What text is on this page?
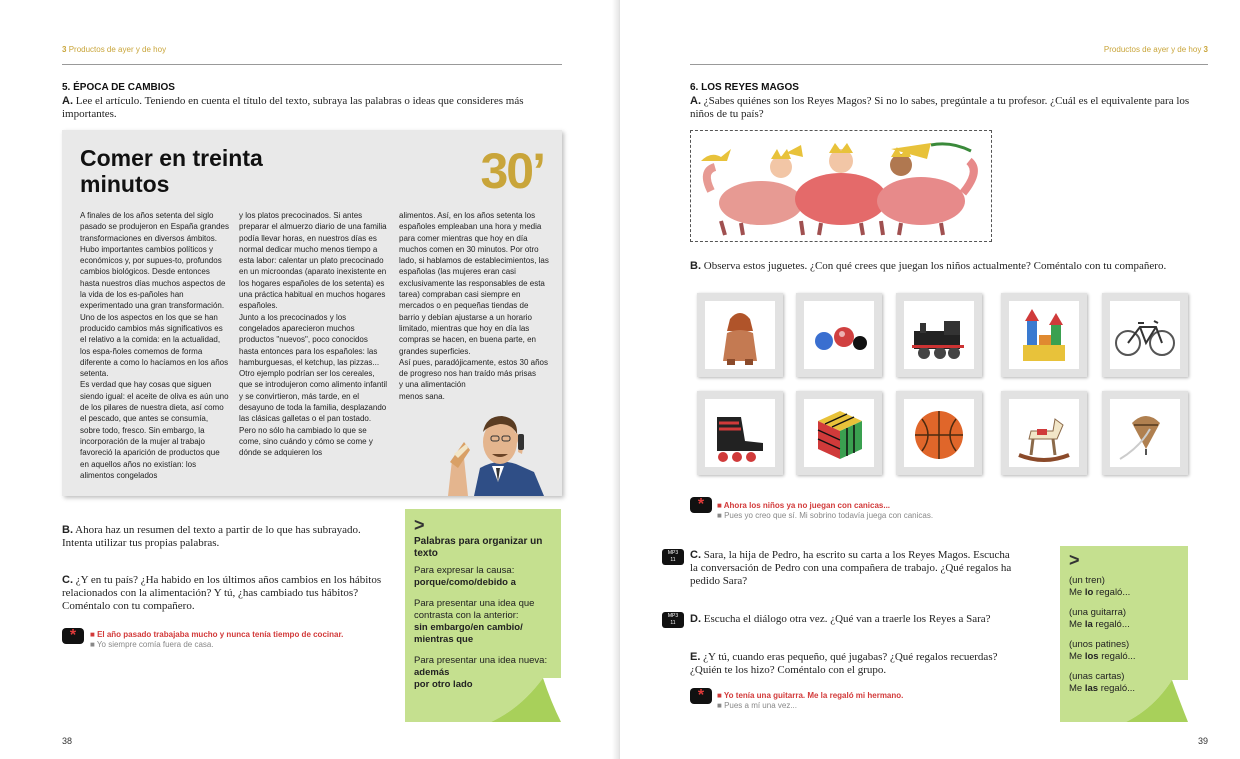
3 Productos de ayer y de hoy
5. ÉPOCA DE CAMBIOS
A. Lee el artículo. Teniendo en cuenta el título del texto, subraya las palabras o ideas que consideres más importantes.
Comer en treinta minutos	30’
A finales de los años setenta del siglo pasado se produjeron en España grandes transformaciones en diversos ámbitos. Hubo importantes cambios políticos y económicos y, por supues-to, profundos cambios biológicos. Desde entonces hasta nuestros días muchos aspectos de la vida de los es-pañoles han experimentado una gran transformación. Uno de los aspectos en los que se han producido cambios más significativos es el relativo a la comida: en la actualidad, los espa-ñoles comemos de forma diferente a como lo hacíamos en los años setenta.
Es verdad que hay cosas que siguen siendo igual: el aceite de oliva es aún uno de los pilares de nuestra dieta, así como el pescado, que antes se consumía, sobre todo, fresco. Sin embargo, la incorporación de la mujer al trabajo favoreció la aparición de productos que en aquellos años no existían: los alimentos congelados
y los platos precocinados. Si antes preparar el almuerzo diario de una familia podía llevar horas, en nuestros días es normal dedicar mucho menos tiempo a esta labor: calentar un plato precocinado en un microondas (aparato inexistente en los hogares españoles de los setenta) es una práctica habitual en muchos hogares españoles.
Junto a los precocinados y los congelados aparecieron muchos productos "nuevos", poco conocidos hasta entonces para los españoles: las hamburguesas, el ketchup, las pizzas... Otro ejemplo podrían ser los cereales, que se introdujeron como alimento infantil y se convirtieron, más tarde, en el desayuno de toda la familia, desplazando las clásicas galletas o el pan tostado.
Pero no sólo ha cambiado lo que se come, sino cuándo y cómo se come y dónde se adquieren los
alimentos. Así, en los años setenta los españoles empleaban una hora y media para comer mientras que hoy en día muchos comen en 30 minutos. Por otro lado, si hablamos de establecimientos, las españolas (las mujeres eran casi exclusivamente las responsables de esta tarea) compraban casi siempre en mercados o en pequeñas tiendas de barrio y debían ajustarse a un horario limitado, mientras que hoy en día las compras se hacen, en buena parte, en grandes superficies.
Así pues, paradójicamente, estos 30 años de progreso nos han traído más prisas
y una alimentación
menos sana.
B. Ahora haz un resumen del texto a partir de lo que has subrayado. Intenta utilizar tus propias palabras.
C. ¿Y en tu país? ¿Ha habido en los últimos años cambios en los hábitos relacionados con la alimentación? Y tú, ¿has cambiado tus hábitos? Coméntalo con tu compañero.
*	■ El año pasado trabajaba mucho y nunca tenía tiempo de cocinar.
■ Yo siempre comía fuera de casa.
>
Palabras para organizar un texto
Para expresar la causa:
porque/como/debido a
Para presentar una idea que contrasta con la anterior:
sin embargo/en cambio/ mientras que
Para presentar una idea nueva:
además
por otro lado
38
Productos de ayer y de hoy 3
6. LOS REYES MAGOS
A. ¿Sabes quiénes son los Reyes Magos? Si no lo sabes, pregúntale a tu profesor. ¿Cuál es el equivalente para los niños de tu país?
B. Observa estos juguetes. ¿Con qué crees que juegan los niños actualmente? Coméntalo con tu compañero.
*	■ Ahora los niños ya no juegan con canicas...
■ Pues yo creo que sí. Mi sobrino todavía juega con canicas.
MP3
11	C. Sara, la hija de Pedro, ha escrito su carta a los Reyes Magos. Escucha la conversación de Pedro con una compañera de trabajo. ¿Qué regalos ha pedido Sara?
MP3
11	D. Escucha el diálogo otra vez. ¿Qué van a traerle los Reyes a Sara?
E. ¿Y tú, cuando eras pequeño, qué jugabas? ¿Qué regalos recuerdas? ¿Quién te los hizo? Coméntalo con el grupo.
*	■ Yo tenía una guitarra. Me la regaló mi hermano.
■ Pues a mí una vez...
>
(un tren)
Me lo regaló...
(una guitarra)
Me la regaló...
(unos patines)
Me los regaló...
(unas cartas)
Me las regaló...
39
